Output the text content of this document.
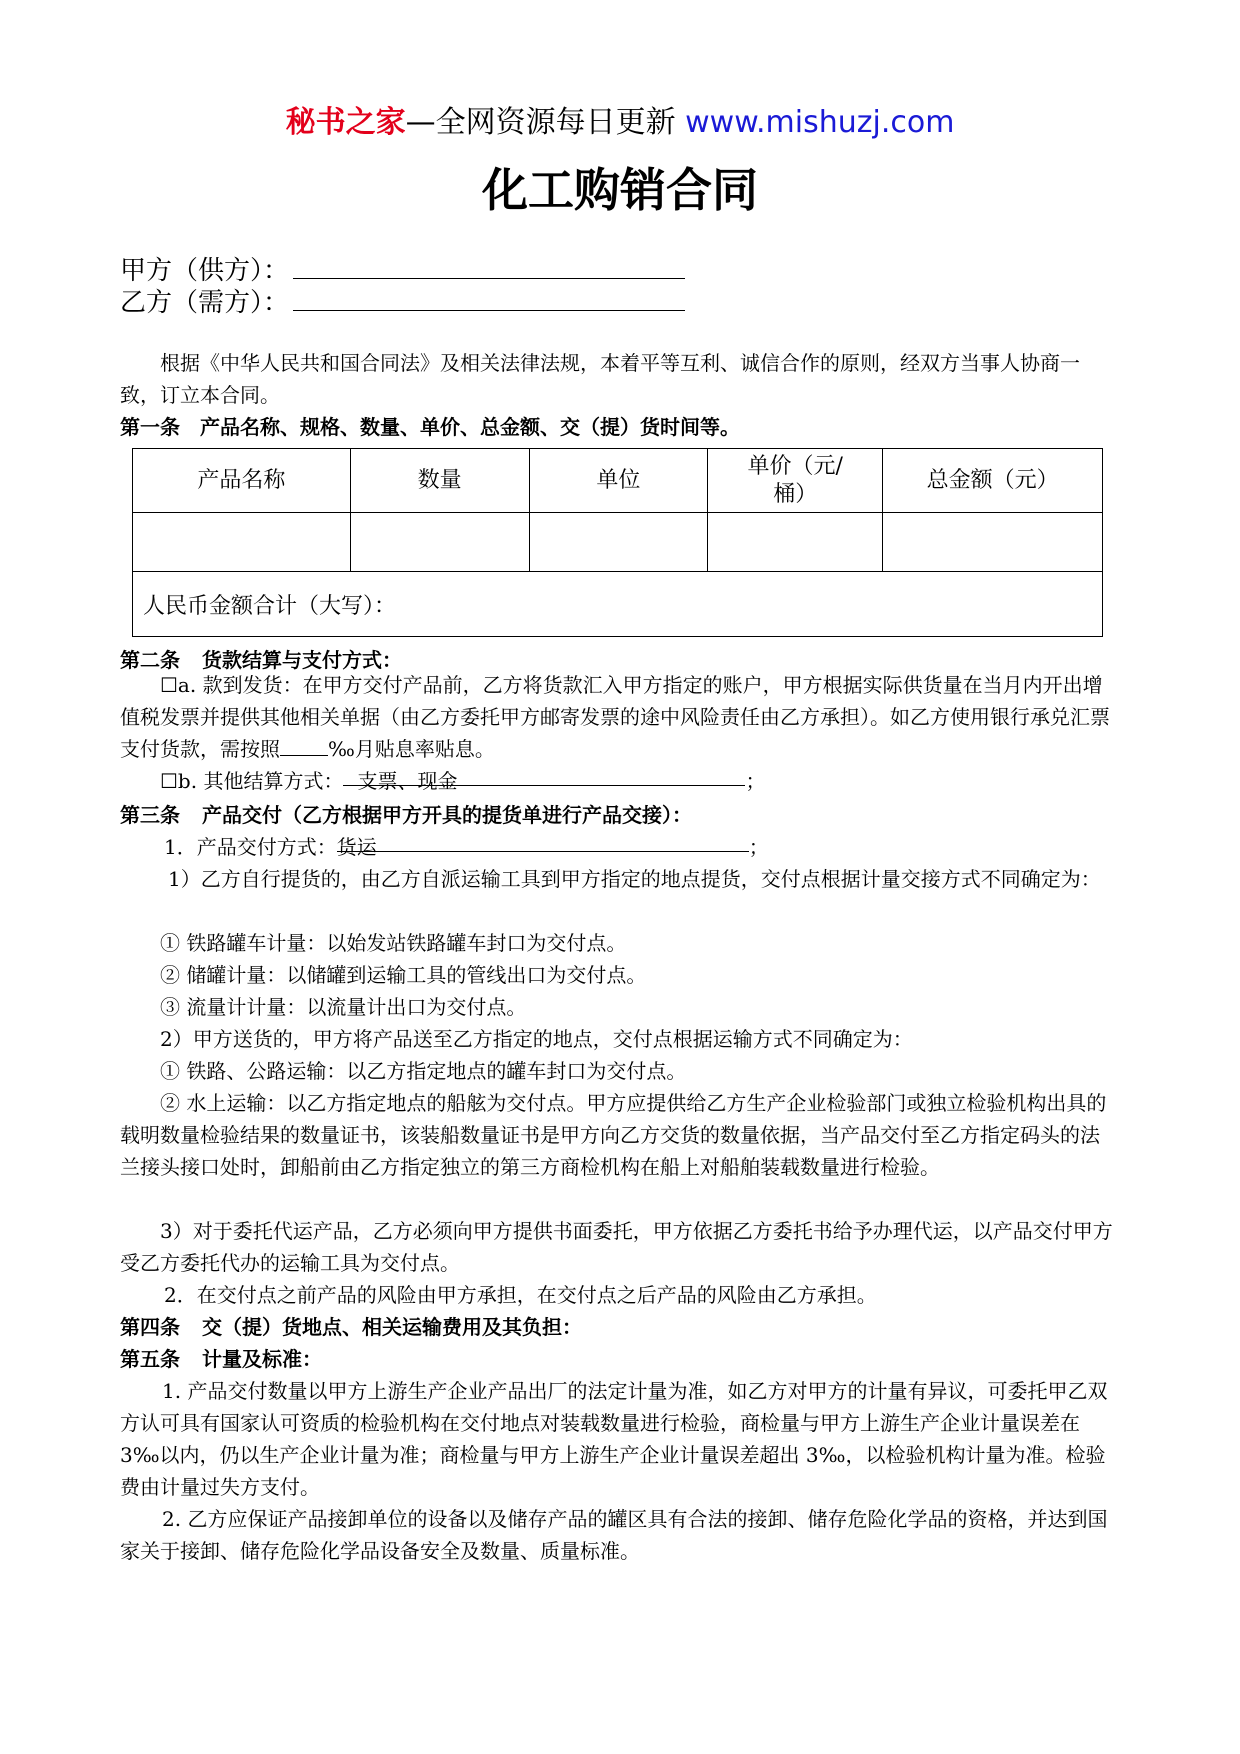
秘书之家—全网资源每日更新 www.mishuzj.com
化工购销合同
甲方（供方）：
乙方（需方）：
根据《中华人民共和国合同法》及相关法律法规，本着平等互利、诚信合作的原则，经双方当事人协商一致，订立本合同。
第一条　产品名称、规格、数量、单价、总金额、交（提）货时间等。
产品名称	数量	单位	单价（元/桶）	总金额（元）

人民币金额合计（大写）：				
第二条 货款结算与支付方式：
☐a. 款到发货：在甲方交付产品前，乙方将货款汇入甲方指定的账户，甲方根据实际供货量在当月内开出增值税发票并提供其他相关单据（由乙方委托甲方邮寄发票的途中风险责任由乙方承担）。如乙方使用银行承兑汇票支付货款，需按照 ‰月贴息率贴息。
☐b. 其他结算方式： 支票、现金	；
第三条 产品交付（乙方根据甲方开具的提货单进行产品交接）：
1．产品交付方式：货运	；
1）乙方自行提货的，由乙方自派运输工具到甲方指定的地点提货，交付点根据计量交接方式不同确定为：
① 铁路罐车计量：以始发站铁路罐车封口为交付点。
② 储罐计量：以储罐到运输工具的管线出口为交付点。
③ 流量计计量：以流量计出口为交付点。
2）甲方送货的，甲方将产品送至乙方指定的地点，交付点根据运输方式不同确定为：
① 铁路、公路运输：以乙方指定地点的罐车封口为交付点。
② 水上运输：以乙方指定地点的船舷为交付点。甲方应提供给乙方生产企业检验部门或独立检验机构出具的载明数量检验结果的数量证书，该装船数量证书是甲方向乙方交货的数量依据，当产品交付至乙方指定码头的法兰接头接口处时，卸船前由乙方指定独立的第三方商检机构在船上对船舶装载数量进行检验。
3）对于委托代运产品，乙方必须向甲方提供书面委托，甲方依据乙方委托书给予办理代运，以产品交付甲方受乙方委托代办的运输工具为交付点。
2．在交付点之前产品的风险由甲方承担，在交付点之后产品的风险由乙方承担。
第四条 交（提）货地点、相关运输费用及其负担：
第五条 计量及标准：
1. 产品交付数量以甲方上游生产企业产品出厂的法定计量为准，如乙方对甲方的计量有异议，可委托甲乙双方认可具有国家认可资质的检验机构在交付地点对装载数量进行检验，商检量与甲方上游生产企业计量误差在 3‰以内，仍以生产企业计量为准；商检量与甲方上游生产企业计量误差超出 3‰，以检验机构计量为准。检验费由计量过失方支付。
2. 乙方应保证产品接卸单位的设备以及储存产品的罐区具有合法的接卸、储存危险化学品的资格，并达到国家关于接卸、储存危险化学品设备安全及数量、质量标准。
